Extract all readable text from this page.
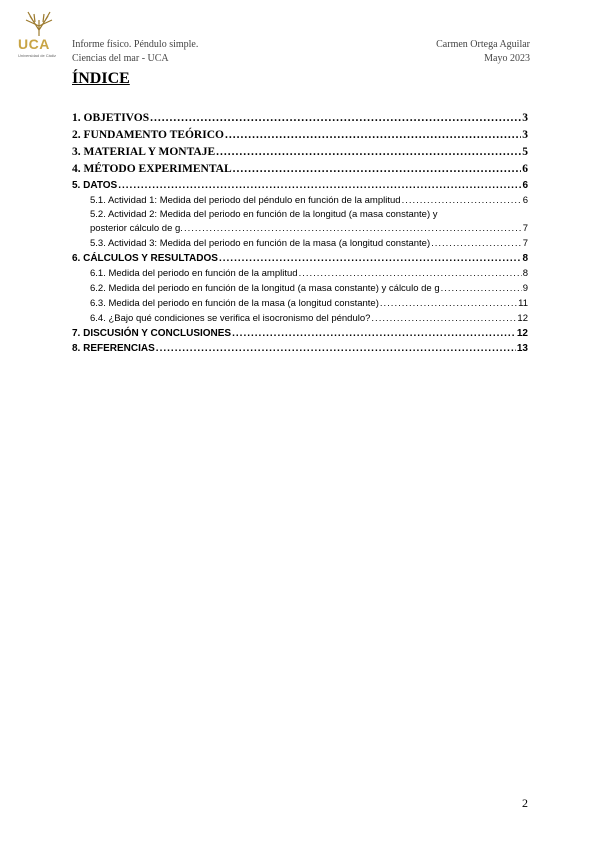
UCA
Universidad de Cádiz
Informe físico. Péndulo simple.
Ciencias del mar - UCA
Carmen Ortega Aguilar
Mayo 2023
ÍNDICE
1. OBJETIVOS .....	3
2. FUNDAMENTO TEÓRICO .....	3
3. MATERIAL Y MONTAJE .....	5
4. MÉTODO EXPERIMENTAL .....	6
5. DATOS .....	6
5.1. Actividad 1: Medida del periodo del péndulo en función de la amplitud .....	6
5.2. Actividad 2: Medida del periodo en función de la longitud (a masa constante) y
posterior cálculo de g. .....	7
5.3. Actividad 3: Medida del periodo en función de la masa (a longitud constante) .....	7
6. CÁLCULOS Y RESULTADOS .....	8
6.1. Medida del periodo en función de la amplitud .....	8
6.2. Medida del periodo en función de la longitud (a masa constante) y cálculo de g .....	9
6.3. Medida del periodo en función de la masa (a longitud constante) .....	11
6.4. ¿Bajo qué condiciones se verifica el isocronismo del péndulo? .....	12
7. DISCUSIÓN Y CONCLUSIONES .....	12
8. REFERENCIAS .....	13
2
